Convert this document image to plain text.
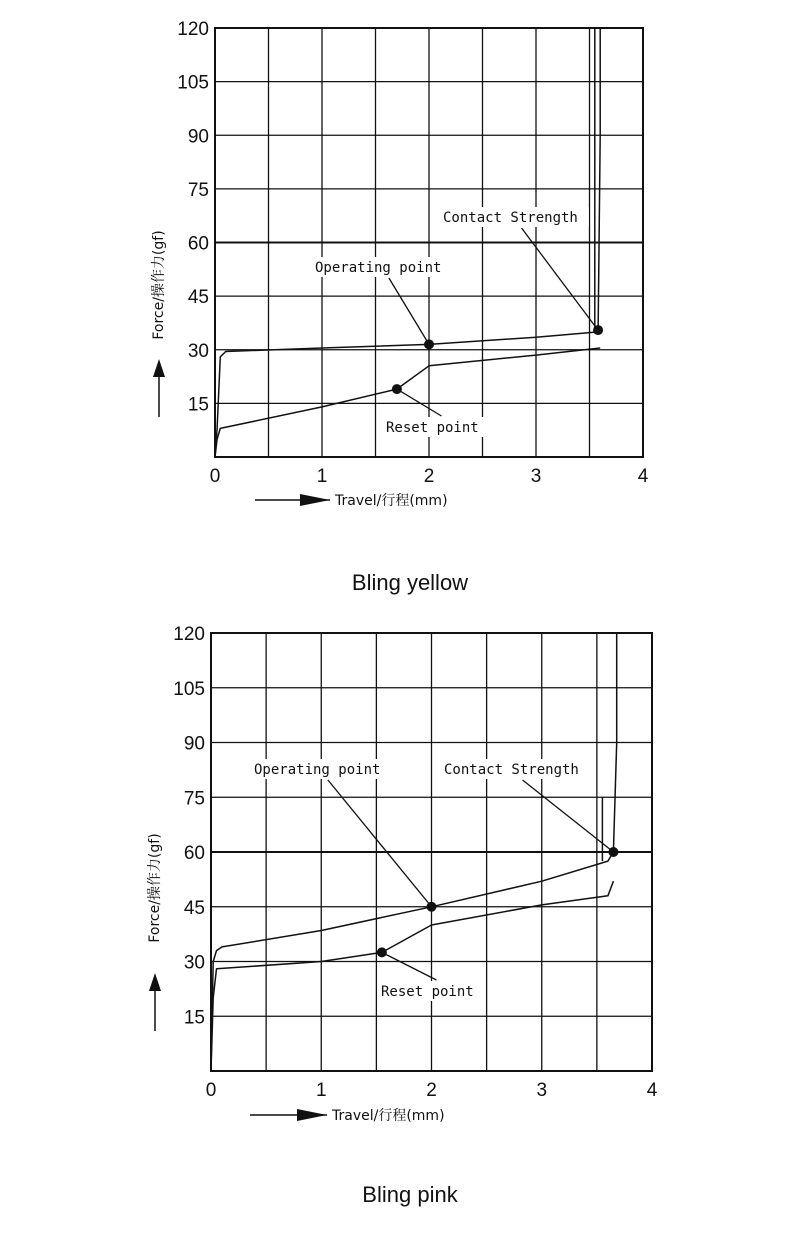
15
30
45
60
75
90
105
120
0	1	2	3	4
Contact Strength
Operating point
Reset point
Force/操作力(gf)
Travel/行程(mm)
Bling yellow
15
30
45
60
75
90
105
120
0	1	2	3	4
Operating point	Contact Strength
Reset point
Force/操作力(gf)
Travel/行程(mm)
Bling pink
